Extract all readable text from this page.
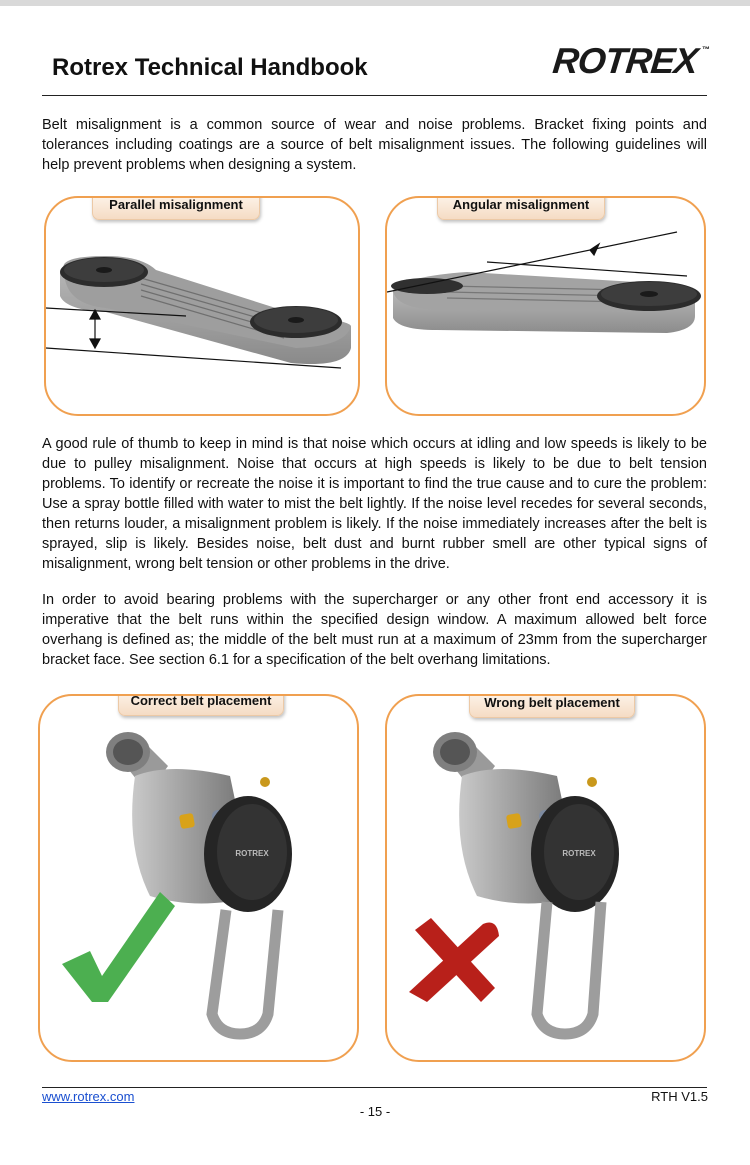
Rotrex Technical Handbook	ROTREX ™

Belt misalignment is a common source of wear and noise problems. Bracket fixing points and tolerances including coatings are a source of belt misalignment issues. The following guidelines will help prevent problems when designing a system.

Parallel misalignment	Angular misalignment

A good rule of thumb to keep in mind is that noise which occurs at idling and low speeds is likely to be due to pulley misalignment. Noise that occurs at high speeds is likely to be due to belt tension problems. To identify or recreate the noise it is important to find the true cause and to cure the problem: Use a spray bottle filled with water to mist the belt lightly. If the noise level recedes for several seconds, then returns louder, a misalignment problem is likely. If the noise immediately increases after the belt is sprayed, slip is likely. Besides noise, belt dust and burnt rubber smell are other typical signs of misalignment, wrong belt tension or other problems in the drive.

In order to avoid bearing problems with the supercharger or any other front end accessory it is imperative that the belt runs within the specified design window. A maximum allowed belt force overhang is defined as; the middle of the belt must run at a maximum of 23mm from the supercharger bracket face. See section 6.1 for a specification of the belt overhang limitations.

ROTREX
Correct belt placement
ROTREX
Wrong belt placement
www.rotrex.com	RTH V1.5
- 15 -
